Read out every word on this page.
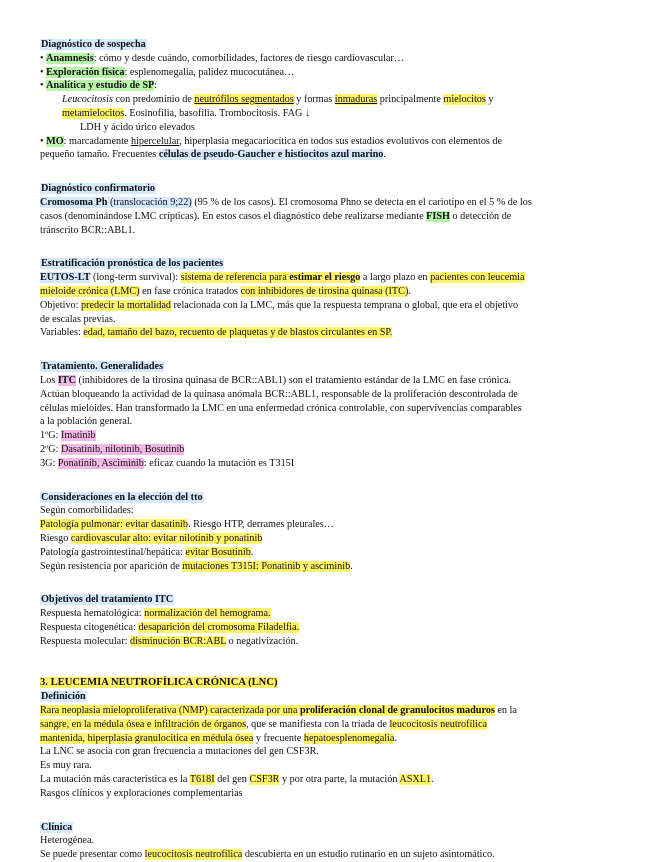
Diagnóstico de sospecha
• Anamnesis: cómo y desde cuándo, comorbilidades, factores de riesgo cardiovascular…
• Exploración física: esplenomegalia, palidez mucocutánea…
• Analítica y estudio de SP:
Leucocitosis con predominio de neutrófilos segmentados y formas inmaduras principalmente mielocitos y
metamielocitos. Eosinofilia, basofilia. Trombocitosis. FAG ↓
LDH y ácido úrico elevados
• MO: marcadamente hipercelular, hiperplasia megacariocítica en todos sus estadios evolutivos con elementos de
pequeño tamaño. Frecuentes células de pseudo-Gaucher e histiocitos azul marino.
Diagnóstico confirmatorio
Cromosoma Ph (translocación 9;22) (95 % de los casos). El cromosoma Phno se detecta en el cariotipo en el 5 % de los
casos (denominándose LMC crípticas). En estos casos el diagnóstico debe realizarse mediante FISH o detección de
tránscrito BCR::ABL1.
Estratificación pronóstica de los pacientes
EUTOS-LT (long-term survival): sistema de referencia para estimar el riesgo a largo plazo en pacientes con leucemia
mieloide crónica (LMC) en fase crónica tratados con inhibidores de tirosina quinasa (ITC).
Objetivo: predecir la mortalidad relacionada con la LMC, más que la respuesta temprana o global, que era el objetivo
de escalas previas.
Variables: edad, tamaño del bazo, recuento de plaquetas y de blastos circulantes en SP.
Tratamiento. Generalidades
Los ITC (inhibidores de la tirosina quinasa de BCR::ABL1) son el tratamiento estándar de la LMC en fase crónica.
Actúan bloqueando la actividad de la quinasa anómala BCR::ABL1, responsable de la proliferación descontrolada de
células mieloides. Han transformado la LMC en una enfermedad crónica controlable, con supervivencias comparables
a la población general.
1ºG: Imatinib
2ºG: Dasatinib, nilotinib, Bosutinib
3G: Ponatinib, Asciminib: eficaz cuando la mutación es T315I
Consideraciones en la elección del tto
Según comorbilidades:
Patología pulmonar: evitar dasatinib. Riesgo HTP, derrames pleurales…
Riesgo cardiovascular alto: evitar nilotinib y ponatinib
Patología gastrointestinal/hepática: evitar Bosutinib.
Según resistencia por aparición de mutaciones T315I: Ponatinib y asciminib.
Objetivos del tratamiento ITC
Respuesta hematológica: normalización del hemograma.
Respuesta citogenética: desaparición del cromosoma Filadelfia.
Respuesta molecular: disminución BCR:ABL o negativización.
3. LEUCEMIA NEUTROFÍLICA CRÓNICA (LNC)
Definición
Rara neoplasia mieloproliferativa (NMP) caracterizada por una proliferación clonal de granulocitos maduros en la
sangre, en la médula ósea e infiltración de órganos, que se manifiesta con la tríada de leucocitosis neutrofílica
mantenida, hiperplasia granulocítica en médula ósea y frecuente hepatoesplenomegalia.
La LNC se asocia con gran frecuencia a mutaciones del gen CSF3R.
Es muy rara.
La mutación más característica es la T618I del gen CSF3R y por otra parte, la mutación ASXL1.
Rasgos clínicos y exploraciones complementarias
Clínica
Heterogénea.
Se puede presentar como leucocitosis neutrofílica descubierta en un estudio rutinario en un sujeto asintomático.
